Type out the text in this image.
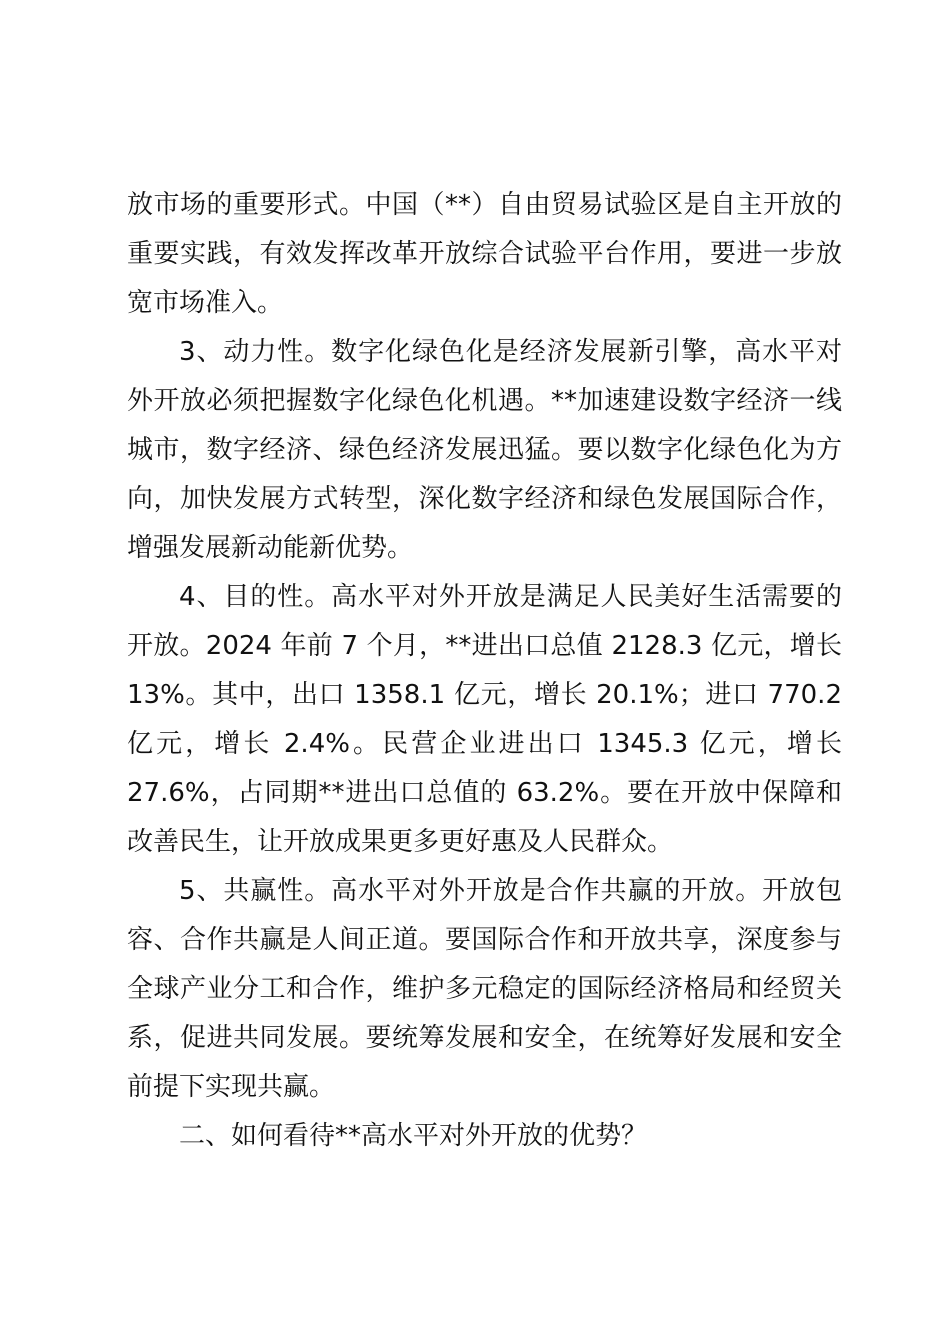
放市场的重要形式。中国（**）自由贸易试验区是自主开放的重要实践，有效发挥改革开放综合试验平台作用，要进一步放宽市场准入。

3、动力性。数字化绿色化是经济发展新引擎，高水平对外开放必须把握数字化绿色化机遇。**加速建设数字经济一线城市，数字经济、绿色经济发展迅猛。要以数字化绿色化为方向，加快发展方式转型，深化数字经济和绿色发展国际合作，增强发展新动能新优势。

4、目的性。高水平对外开放是满足人民美好生活需要的开放。2024 年前 7 个月，**进出口总值 2128.3 亿元，增长13%。其中，出口 1358.1 亿元，增长 20.1%；进口 770.2 亿元，增长 2.4%。民营企业进出口 1345.3 亿元，增长27.6%，占同期**进出口总值的 63.2%。要在开放中保障和改善民生，让开放成果更多更好惠及人民群众。

5、共赢性。高水平对外开放是合作共赢的开放。开放包容、合作共赢是人间正道。要国际合作和开放共享，深度参与全球产业分工和合作，维护多元稳定的国际经济格局和经贸关系，促进共同发展。要统筹发展和安全，在统筹好发展和安全前提下实现共赢。

二、如何看待**高水平对外开放的优势？
